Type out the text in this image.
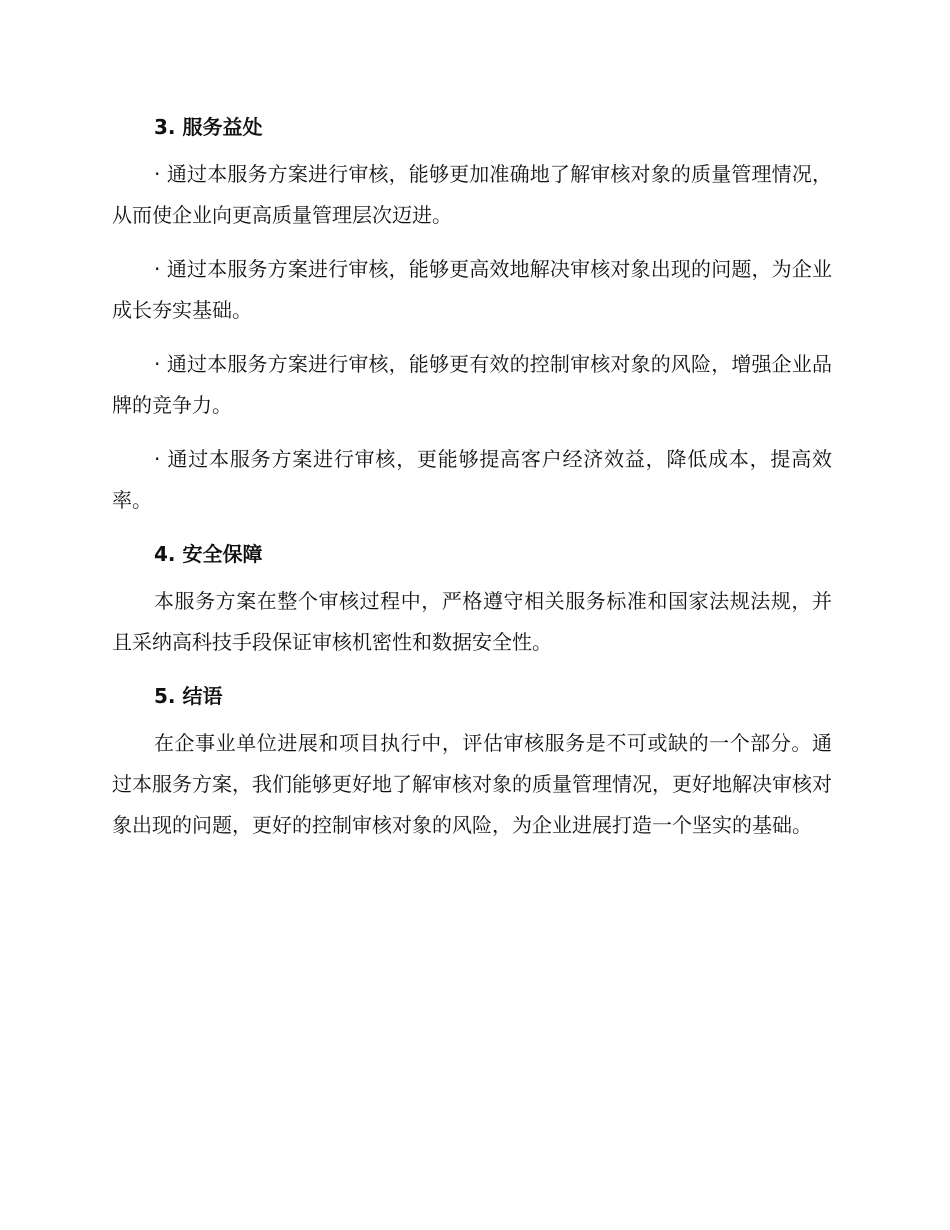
3. 服务益处

· 通过本服务方案进行审核，能够更加准确地了解审核对象的质量管理情况，从而使企业向更高质量管理层次迈进。

· 通过本服务方案进行审核，能够更高效地解决审核对象出现的问题，为企业成长夯实基础。

· 通过本服务方案进行审核，能够更有效的控制审核对象的风险，增强企业品牌的竞争力。

· 通过本服务方案进行审核，更能够提高客户经济效益，降低成本，提高效率。

4. 安全保障

本服务方案在整个审核过程中，严格遵守相关服务标准和国家法规法规，并且采纳高科技手段保证审核机密性和数据安全性。

5. 结语

在企事业单位进展和项目执行中，评估审核服务是不可或缺的一个部分。通过本服务方案，我们能够更好地了解审核对象的质量管理情况，更好地解决审核对象出现的问题，更好的控制审核对象的风险，为企业进展打造一个坚实的基础。
